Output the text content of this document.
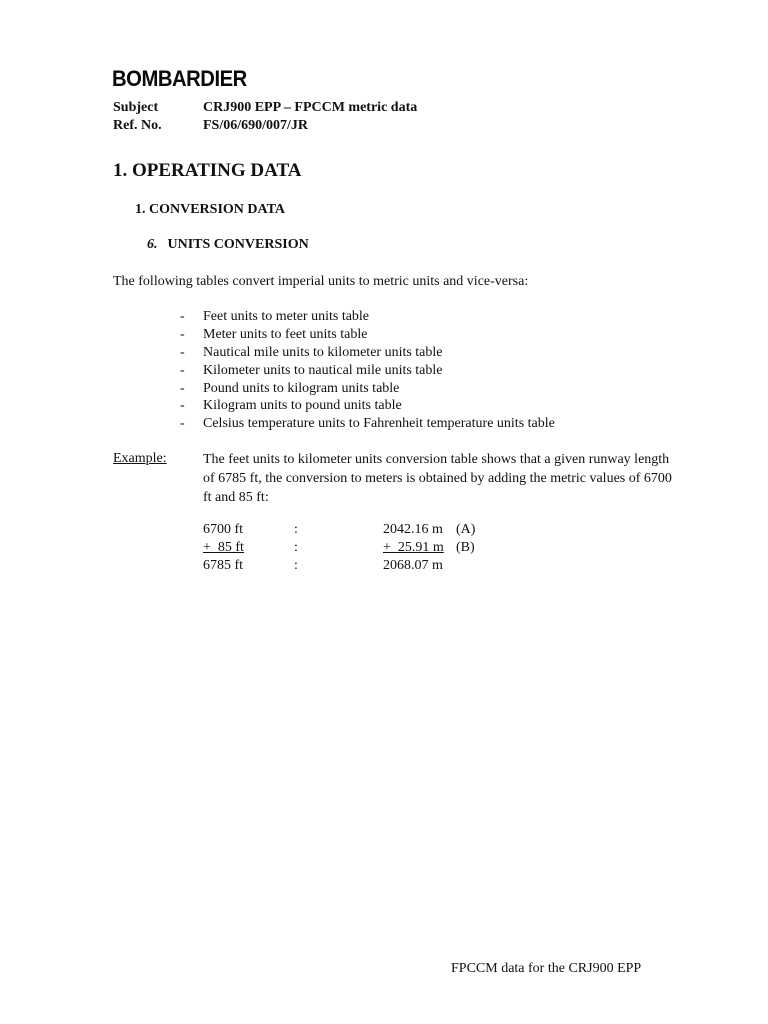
BOMBARDIER
Subject	CRJ900 EPP – FPCCM metric data
Ref. No.	FS/06/690/007/JR
1. OPERATING DATA
1. CONVERSION DATA
6. UNITS CONVERSION
The following tables convert imperial units to metric units and vice-versa:
- Feet units to meter units table
- Meter units to feet units table
- Nautical mile units to kilometer units table
- Kilometer units to nautical mile units table
- Pound units to kilogram units table
- Kilogram units to pound units table
- Celsius temperature units to Fahrenheit temperature units table
Example:	The feet units to kilometer units conversion table shows that a given runway length of 6785 ft, the conversion to meters is obtained by adding the metric values of 6700 ft and 85 ft:
6700 ft	:	2042.16 m (A)
+  85 ft	:	+  25.91 m (B)
6785 ft	:	2068.07 m
FPCCM data for the CRJ900 EPP
